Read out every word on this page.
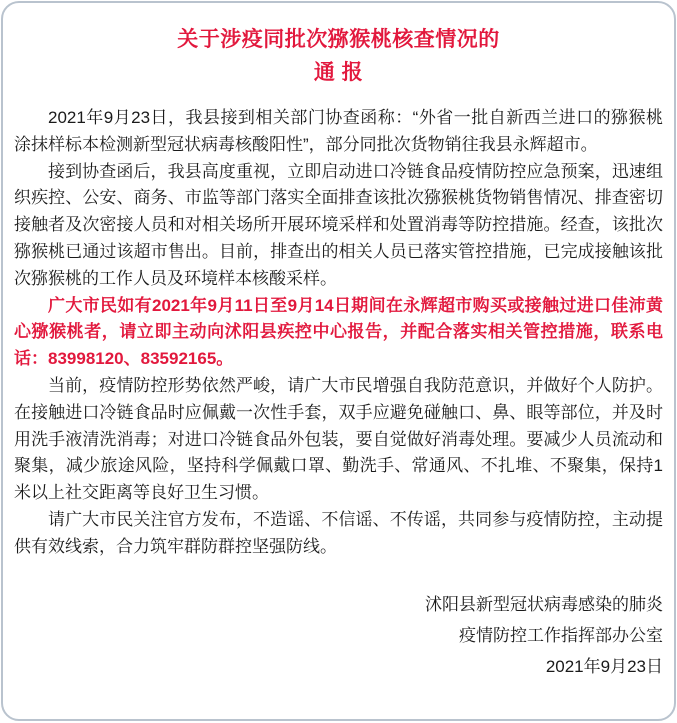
关于涉疫同批次猕猴桃核查情况的
通 报

2021年9月23日，我县接到相关部门协查函称：“外省一批自新西兰进口的猕猴桃涂抹样标本检测新型冠状病毒核酸阳性”，部分同批次货物销往我县永辉超市。

接到协查函后，我县高度重视，立即启动进口冷链食品疫情防控应急预案，迅速组织疾控、公安、商务、市监等部门落实全面排查该批次猕猴桃货物销售情况、排查密切接触者及次密接人员和对相关场所开展环境采样和处置消毒等防控措施。经查，该批次猕猴桃已通过该超市售出。目前，排查出的相关人员已落实管控措施，已完成接触该批次猕猴桃的工作人员及环境样本核酸采样。

广大市民如有2021年9月11日至9月14日期间在永辉超市购买或接触过进口佳沛黄心猕猴桃者，请立即主动向沭阳县疾控中心报告，并配合落实相关管控措施，联系电话：83998120、83592165。

当前，疫情防控形势依然严峻，请广大市民增强自我防范意识，并做好个人防护。在接触进口冷链食品时应佩戴一次性手套，双手应避免碰触口、鼻、眼等部位，并及时用洗手液清洗消毒；对进口冷链食品外包装，要自觉做好消毒处理。要减少人员流动和聚集，减少旅途风险，坚持科学佩戴口罩、勤洗手、常通风、不扎堆、不聚集，保持1米以上社交距离等良好卫生习惯。

请广大市民关注官方发布，不造谣、不信谣、不传谣，共同参与疫情防控，主动提供有效线索，合力筑牢群防群控坚强防线。

沭阳县新型冠状病毒感染的肺炎
疫情防控工作指挥部办公室
2021年9月23日
